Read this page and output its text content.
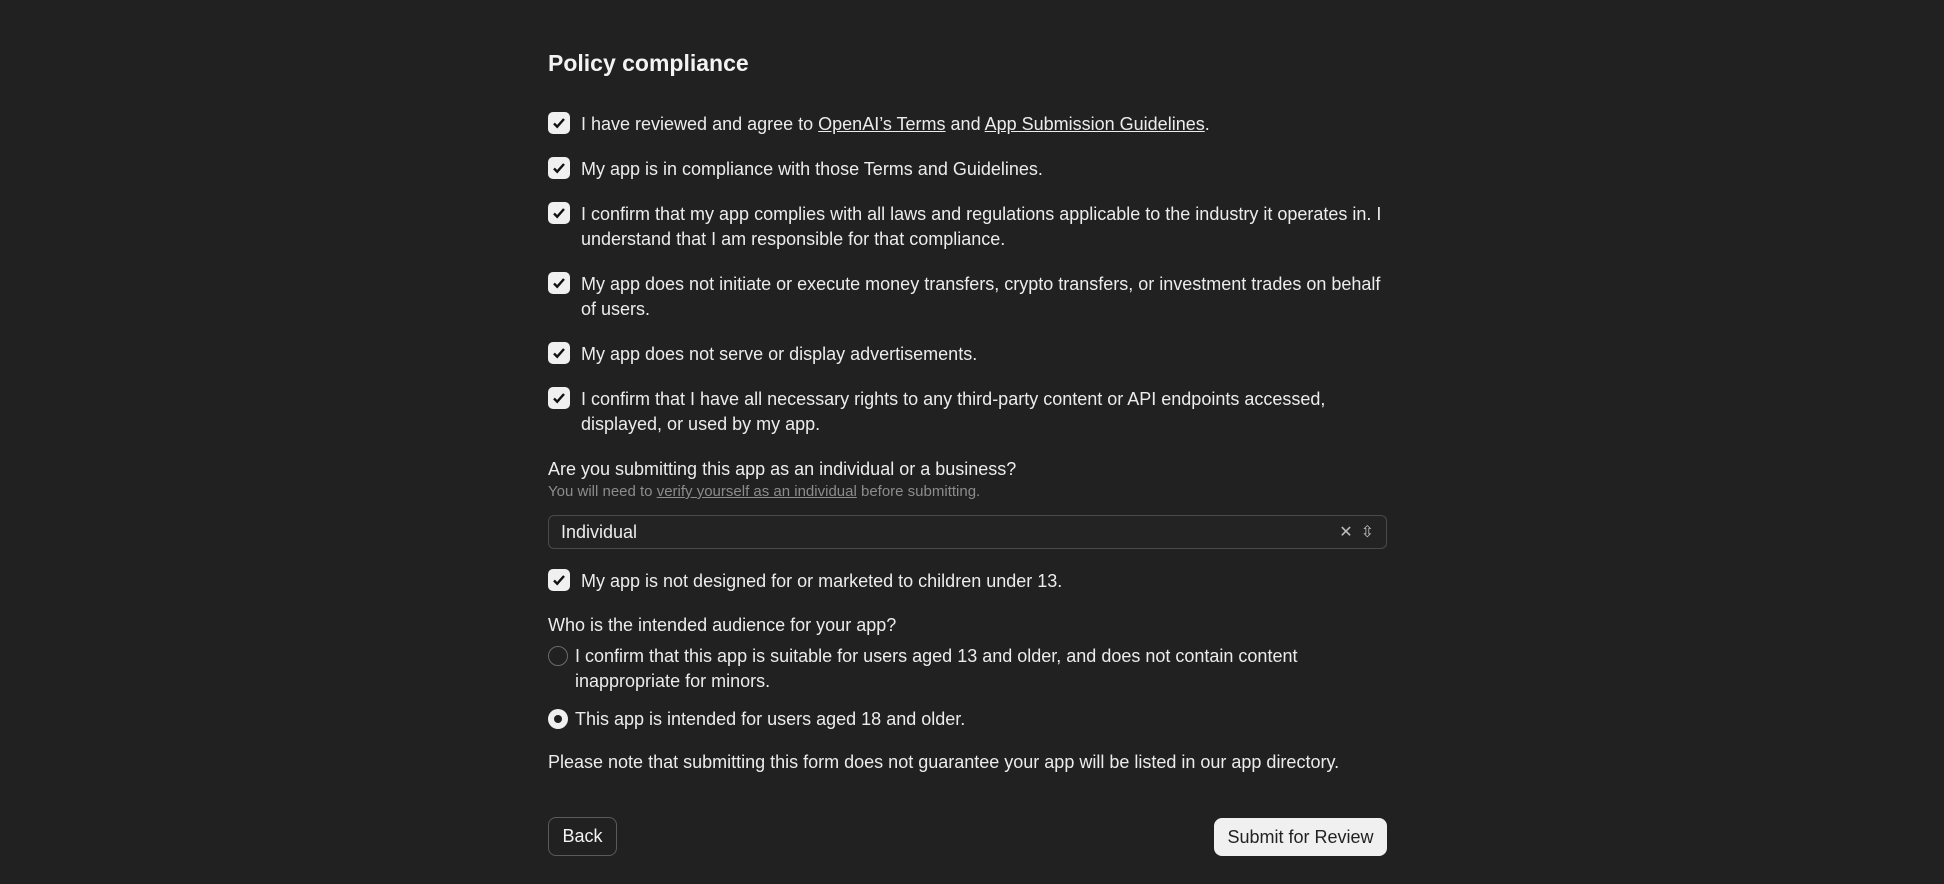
Policy compliance
I have reviewed and agree to OpenAI’s Terms and App Submission Guidelines.
My app is in compliance with those Terms and Guidelines.
I confirm that my app complies with all laws and regulations applicable to the industry it operates in. I understand that I am responsible for that compliance.
My app does not initiate or execute money transfers, crypto transfers, or investment trades on behalf of users.
My app does not serve or display advertisements.
I confirm that I have all necessary rights to any third-party content or API endpoints accessed, displayed, or used by my app.
Are you submitting this app as an individual or a business?
You will need to verify yourself as an individual before submitting.
Individual	✕ ⇳
My app is not designed for or marketed to children under 13.
Who is the intended audience for your app?
I confirm that this app is suitable for users aged 13 and older, and does not contain content inappropriate for minors.
This app is intended for users aged 18 and older.
Please note that submitting this form does not guarantee your app will be listed in our app directory.
Back	Submit for Review
